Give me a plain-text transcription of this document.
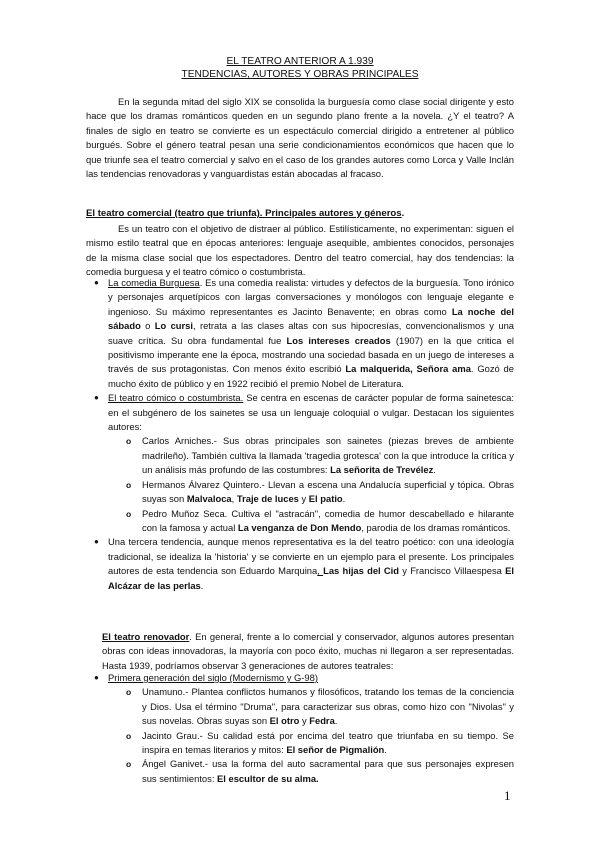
EL TEATRO ANTERIOR A 1.939
TENDENCIAS, AUTORES Y OBRAS PRINCIPALES
En la segunda mitad del siglo XIX se consolida la burguesía como clase social dirigente y esto hace que los dramas románticos queden en un segundo plano frente a la novela. ¿Y el teatro? A finales de siglo en teatro se convierte es un espectáculo comercial dirigido a entretener al público burgués. Sobre el género teatral pesan una serie condicionamientos económicos que hacen que lo que triunfe sea el teatro comercial y salvo en el caso de los grandes autores como Lorca y Valle Inclán las tendencias renovadoras y vanguardistas están abocadas al fracaso.
El teatro comercial (teatro que triunfa). Principales autores y géneros.
Es un teatro con el objetivo de distraer al público. Estilísticamente, no experimentan: siguen el mismo estilo teatral que en épocas anteriores: lenguaje asequible, ambientes conocidos, personajes de la misma clase social que los espectadores. Dentro del teatro comercial, hay dos tendencias: la comedia burguesa y el teatro cómico o costumbrista.
● La comedia Burguesa. Es una comedia realista: virtudes y defectos de la burguesía. Tono irónico y personajes arquetípicos con largas conversaciones y monólogos con lenguaje elegante e ingenioso. Su máximo representantes es Jacinto Benavente; en obras como La noche del sábado o Lo cursi, retrata a las clases altas con sus hipocresías, convencionalismos y una suave crítica. Su obra fundamental fue Los intereses creados (1907) en la que critica el positivismo imperante ene la época, mostrando una sociedad basada en un juego de intereses a través de sus protagonistas. Con menos éxito escribió La malquerida, Señora ama. Gozó de mucho éxito de público y en 1922 recibió el premio Nobel de Literatura.
● El teatro cómico o costumbrista. Se centra en escenas de carácter popular de forma sainetesca: en el subgénero de los sainetes se usa un lenguaje coloquial o vulgar. Destacan los siguientes autores:
o Carlos Arniches.- Sus obras principales son sainetes (piezas breves de ambiente madrileño). También cultiva la llamada 'tragedia grotesca' con la que introduce la crítica y un análisis más profundo de las costumbres: La señorita de Trevélez.
o Hermanos Álvarez Quintero.- Llevan a escena una Andalucía superficial y tópica. Obras suyas son Malvaloca, Traje de luces y El patio.
o Pedro Muñoz Seca. Cultiva el "astracán", comedia de humor descabellado e hilarante con la famosa y actual La venganza de Don Mendo, parodia de los dramas románticos.
● Una tercera tendencia, aunque menos representativa es la del teatro poético: con una ideología tradicional, se idealiza la 'historia' y se convierte en un ejemplo para el presente. Los principales autores de esta tendencia son Eduardo Marquina, Las hijas del Cid y Francisco Villaespesa El Alcázar de las perlas.
El teatro renovador. En general, frente a lo comercial y conservador, algunos autores presentan obras con ideas innovadoras, la mayoría con poco éxito, muchas ni llegaron a ser representadas. Hasta 1939, podríamos observar 3 generaciones de autores teatrales:
● Primera generación del siglo (Modernismo y G-98)
o Unamuno.- Plantea conflictos humanos y filosóficos, tratando los temas de la conciencia y Dios. Usa el término "Druma", para caracterizar sus obras, como hizo con "Nivolas" y sus novelas. Obras suyas son El otro y Fedra.
o Jacinto Grau.- Su calidad está por encima del teatro que triunfaba en su tiempo. Se inspira en temas literarios y mitos: El señor de Pigmalión.
o Ángel Ganivet.- usa la forma del auto sacramental para que sus personajes expresen sus sentimientos: El escultor de su alma.
1
